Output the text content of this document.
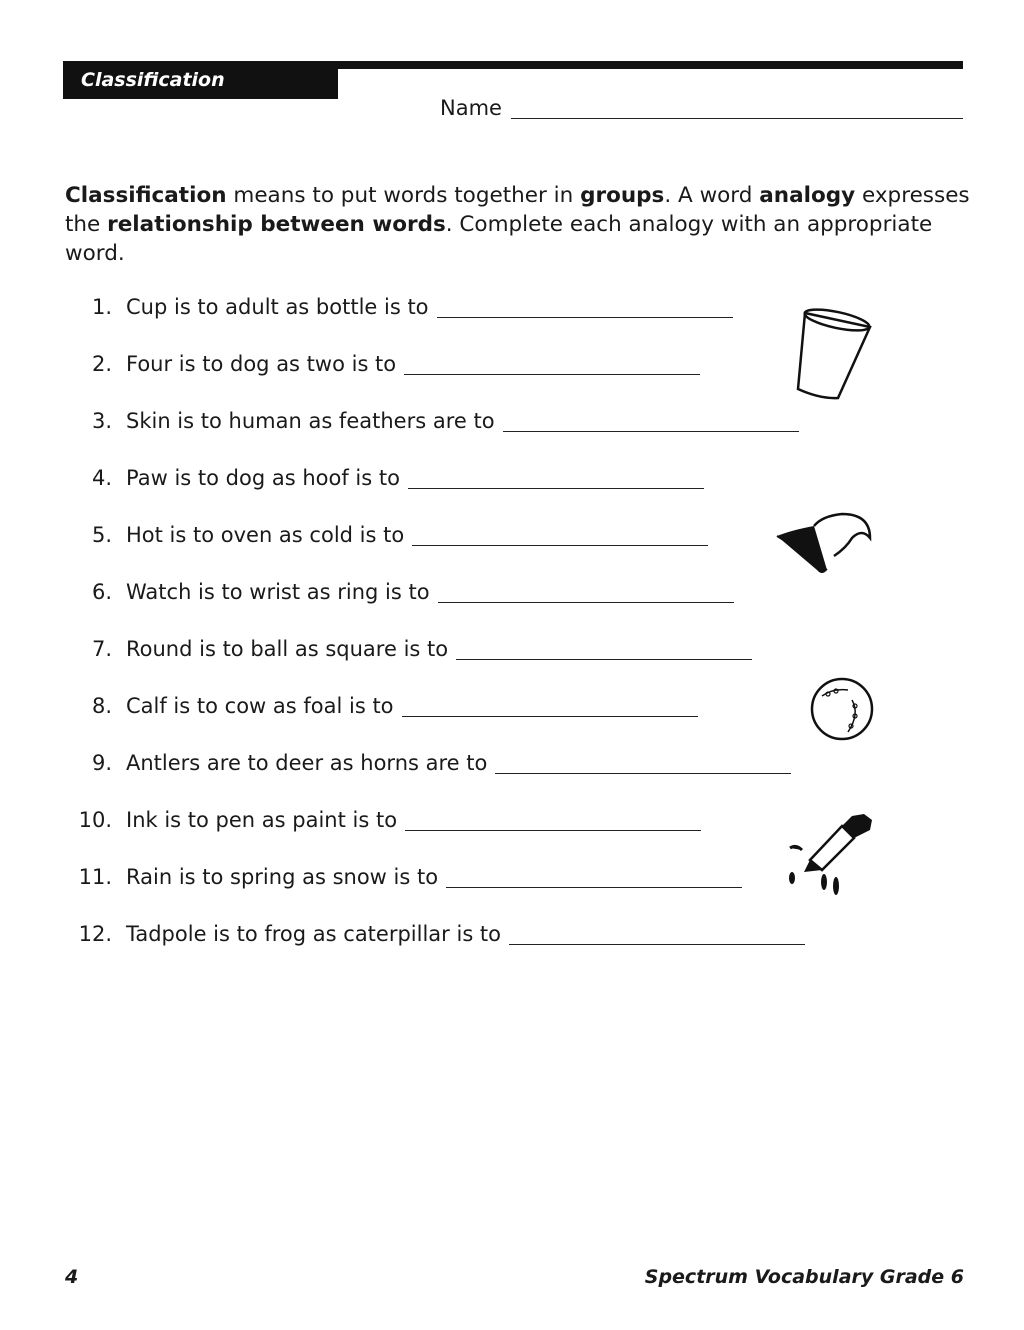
Classification
Name
Classification means to put words together in groups. A word analogy expresses the relationship between words. Complete each analogy with an appropriate word.
1. Cup is to adult as bottle is to
2. Four is to dog as two is to
3. Skin is to human as feathers are to
4. Paw is to dog as hoof is to
5. Hot is to oven as cold is to
6. Watch is to wrist as ring is to
7. Round is to ball as square is to
8. Calf is to cow as foal is to
9. Antlers are to deer as horns are to
10. Ink is to pen as paint is to
11. Rain is to spring as snow is to
12. Tadpole is to frog as caterpillar is to
4	Spectrum Vocabulary Grade 6
